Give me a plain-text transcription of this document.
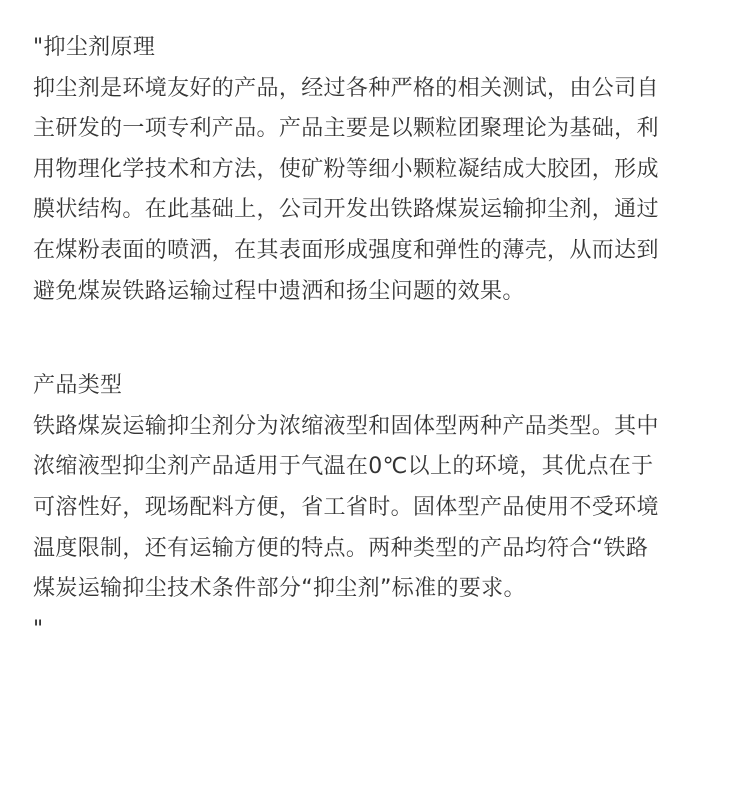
"抑尘剂原理
抑尘剂是环境友好的产品，经过各种严格的相关测试，由公司自
主研发的一项专利产品。产品主要是以颗粒团聚理论为基础，利
用物理化学技术和方法，使矿粉等细小颗粒凝结成大胶团，形成
膜状结构。在此基础上，公司开发出铁路煤炭运输抑尘剂，通过
在煤粉表面的喷洒，在其表面形成强度和弹性的薄壳，从而达到
避免煤炭铁路运输过程中遗洒和扬尘问题的效果。
产品类型
铁路煤炭运输抑尘剂分为浓缩液型和固体型两种产品类型。其中
浓缩液型抑尘剂产品适用于气温在0℃以上的环境，其优点在于
可溶性好，现场配料方便，省工省时。固体型产品使用不受环境
温度限制，还有运输方便的特点。两种类型的产品均符合“铁路
煤炭运输抑尘技术条件部分“抑尘剂”标准的要求。
"
